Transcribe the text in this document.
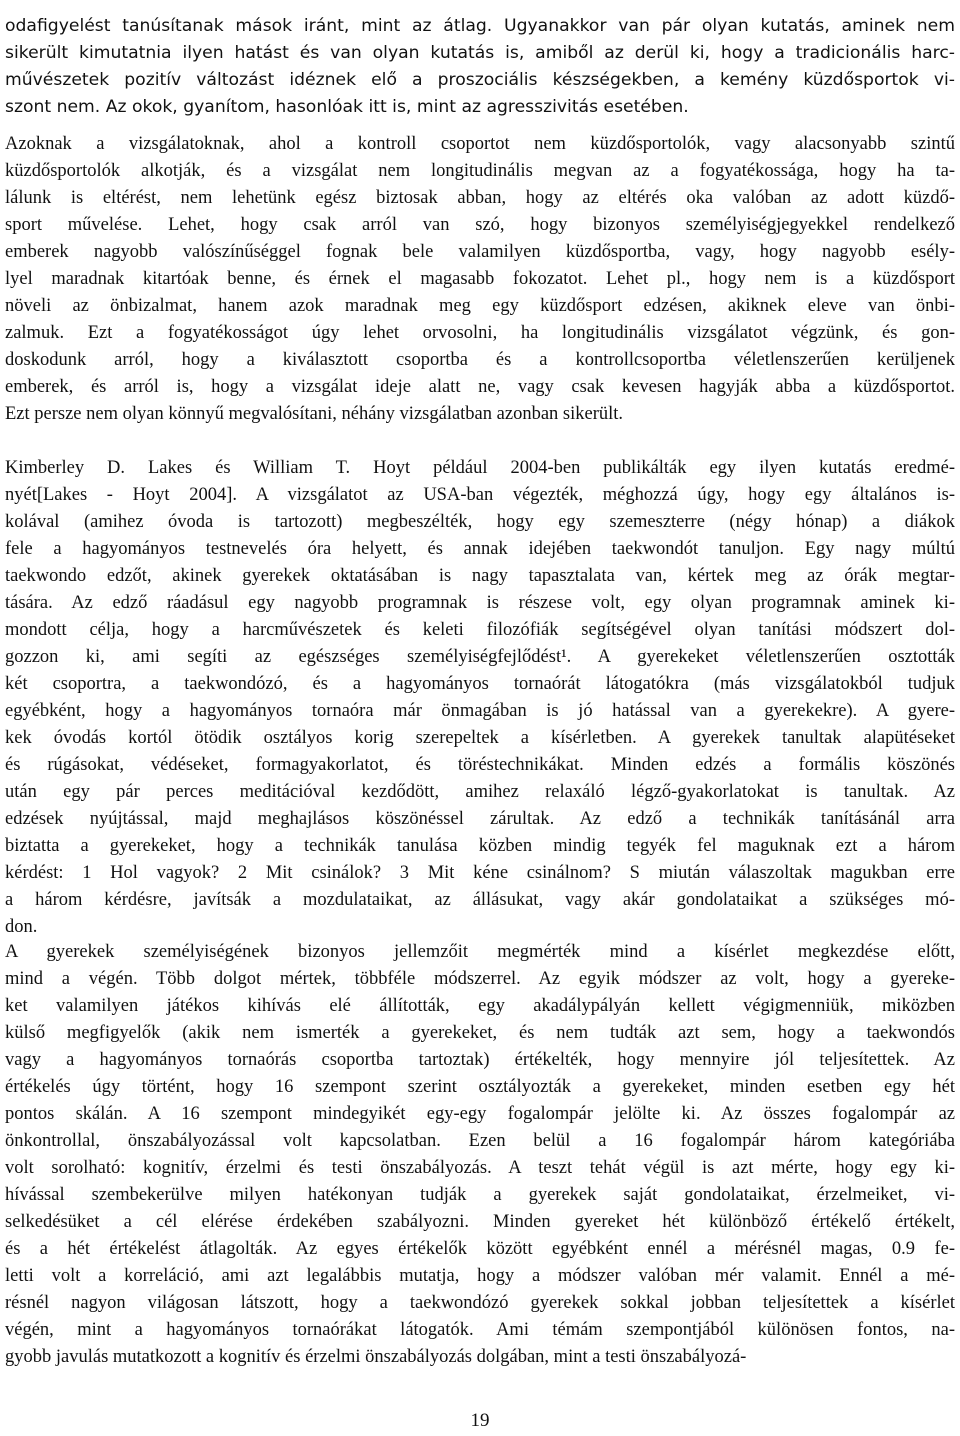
odafigyelést tanúsítanak mások iránt, mint az átlag. Ugyanakkor van pár olyan kutatás, aminek nem
sikerült kimutatnia ilyen hatást és van olyan kutatás is, amiből az derül ki, hogy a tradicionális harc-
művészetek pozitív változást idéznek elő a proszociális készségekben, a kemény küzdősportok vi-
szont nem. Az okok, gyanítom, hasonlóak itt is, mint az agresszivitás esetében.
Azoknak a vizsgálatoknak, ahol a kontroll csoportot nem küzdősportolók, vagy alacsonyabb szintű
küzdősportolók alkotják, és a vizsgálat nem longitudinális megvan az a fogyatékossága, hogy ha ta-
lálunk is eltérést, nem lehetünk egész biztosak abban, hogy az eltérés oka valóban az adott küzdő-
sport művelése. Lehet, hogy csak arról van szó, hogy bizonyos személyiségjegyekkel rendelkező
emberek nagyobb valószínűséggel fognak bele valamilyen küzdősportba, vagy, hogy nagyobb esély-
lyel maradnak kitartóak benne, és érnek el magasabb fokozatot. Lehet pl., hogy nem is a küzdősport
növeli az önbizalmat, hanem azok maradnak meg egy küzdősport edzésen, akiknek eleve van önbi-
zalmuk. Ezt a fogyatékosságot úgy lehet orvosolni, ha longitudinális vizsgálatot végzünk, és gon-
doskodunk arról, hogy a kiválasztott csoportba és a kontrollcsoportba véletlenszerűen kerüljenek
emberek, és arról is, hogy a vizsgálat ideje alatt ne, vagy csak kevesen hagyják abba a küzdősportot.
Ezt persze nem olyan könnyű megvalósítani, néhány vizsgálatban azonban sikerült.
Kimberley D. Lakes és William T. Hoyt például 2004-ben publikálták egy ilyen kutatás eredmé-
nyét[Lakes - Hoyt 2004]. A vizsgálatot az USA-ban végezték, méghozzá úgy, hogy egy általános is-
kolával (amihez óvoda is tartozott) megbeszélték, hogy egy szemeszterre (négy hónap) a diákok
fele a hagyományos testnevelés óra helyett, és annak idejében taekwondót tanuljon. Egy nagy múltú
taekwondo edzőt, akinek gyerekek oktatásában is nagy tapasztalata van, kértek meg az órák megtar-
tására. Az edző ráadásul egy nagyobb programnak is részese volt, egy olyan programnak aminek ki-
mondott célja, hogy a harcművészetek és keleti filozófiák segítségével olyan tanítási módszert dol-
gozzon ki, ami segíti az egészséges személyiségfejlődést¹. A gyerekeket véletlenszerűen osztották
két csoportra, a taekwondózó, és a hagyományos tornaórát látogatókra (más vizsgálatokból tudjuk
egyébként, hogy a hagyományos tornaóra már önmagában is jó hatással van a gyerekekre). A gyere-
kek óvodás kortól ötödik osztályos korig szerepeltek a kísérletben. A gyerekek tanultak alapütéseket
és rúgásokat, védéseket, formagyakorlatot, és töréstechnikákat. Minden edzés a formális köszönés
után egy pár perces meditációval kezdődött, amihez relaxáló légző-gyakorlatokat is tanultak. Az
edzések nyújtással, majd meghajlásos köszönéssel zárultak. Az edző a technikák tanításánál arra
biztatta a gyerekeket, hogy a technikák tanulása közben mindig tegyék fel maguknak ezt a három
kérdést: 1 Hol vagyok? 2 Mit csinálok? 3 Mit kéne csinálnom? S miután válaszoltak magukban erre
a három kérdésre, javítsák a mozdulataikat, az állásukat, vagy akár gondolataikat a szükséges mó-
don.
A gyerekek személyiségének bizonyos jellemzőit megmérték mind a kísérlet megkezdése előtt,
mind a végén. Több dolgot mértek, többféle módszerrel. Az egyik módszer az volt, hogy a gyereke-
ket valamilyen játékos kihívás elé állították, egy akadálypályán kellett végigmenniük, miközben
külső megfigyelők (akik nem ismerték a gyerekeket, és nem tudták azt sem, hogy a taekwondós
vagy a hagyományos tornaórás csoportba tartoztak) értékelték, hogy mennyire jól teljesítettek. Az
értékelés úgy történt, hogy 16 szempont szerint osztályozták a gyerekeket, minden esetben egy hét
pontos skálán. A 16 szempont mindegyikét egy-egy fogalompár jelölte ki. Az összes fogalompár az
önkontrollal, önszabályozással volt kapcsolatban. Ezen belül a 16 fogalompár három kategóriába
volt sorolható: kognitív, érzelmi és testi önszabályozás. A teszt tehát végül is azt mérte, hogy egy ki-
hívással szembekerülve milyen hatékonyan tudják a gyerekek saját gondolataikat, érzelmeiket, vi-
selkedésüket a cél elérése érdekében szabályozni. Minden gyereket hét különböző értékelő értékelt,
és a hét értékelést átlagolták. Az egyes értékelők között egyébként ennél a mérésnél magas, 0.9 fe-
letti volt a korreláció, ami azt legalábbis mutatja, hogy a módszer valóban mér valamit. Ennél a mé-
résnél nagyon világosan látszott, hogy a taekwondózó gyerekek sokkal jobban teljesítettek a kísérlet
végén, mint a hagyományos tornaórákat látogatók. Ami témám szempontjából különösen fontos, na-
gyobb javulás mutatkozott a kognitív és érzelmi önszabályozás dolgában, mint a testi önszabályozá-
19
